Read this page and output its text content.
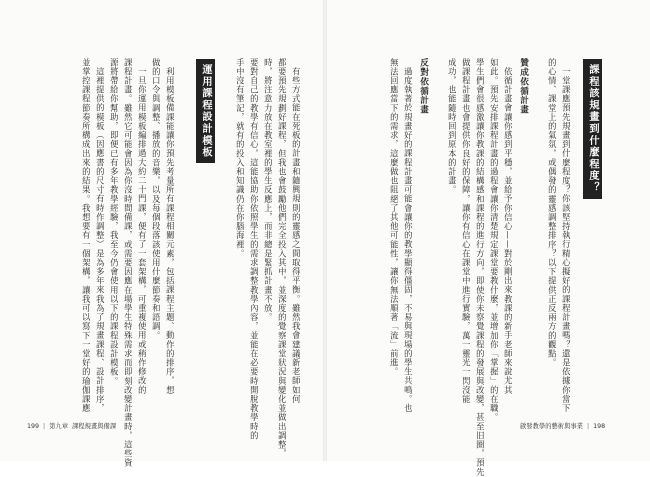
課程該規畫到什麼程度？
一堂課應預先規畫到什麼程度？你該堅持執行精心擬好的課程計畫嗎？還是依據你當下
的心情、課堂上的氣氛，或偶發的靈感調整排序？以下提供正反兩方的觀點。
贊成依循計畫
依循計畫會讓你感到平穩，並給予你信心——對於剛出來教課的新手老師來說尤其
如此。預先安排課程計畫的過程會讓你清楚規定課堂要教什麼，並增加你「掌握」的在職。
學生們會很感激讓你教課的結構感和課程的進行方向，即使你未察覺課程的發展與改變，甚至旧圈，預先
做課程計畫也會提供你良好的保障，讓你有信心在課堂中進行實驗，萬一靈光一閃沒能
成功，也能隨時回到原本的計畫。
反對依循計畫
過度執著於規畫好的課程計畫可能會讓你的教學顯得僵固，不易與現場的學生共鳴。也
無法回應當下的需求，這麼做也阻絕了其他可能性，讓你無法順著「流」前進。
啟發教學的藝術與事業 | 198
有些方式能在死板的計畫和隨興規則的靈感之間取得平衡。雖然我會建議新老師如何
都要預先規劃好課程，但我也會鼓勵他們完全投入其中，並深度的覺察課堂狀況與變化並做出調整，
時，將注意力放在教室裡的學生反應上，而非總是緊抓計畫不放。
要對自己的教學有信心，這能協助你依照學生的需求調整教學內容，並能在必要時開脫教學時的
手中沒有筆記，就有的投入和知識仍在你腦海裡。
運用課程設計模板
利用模板備課能讓你預先考量所有課程相關元素，包括課程主題、動作的排序，想
做的口令與調整、播放的音樂，以及每個段落該使用什麼節奏和語調。
一旦你運用模板編排過大約二十門課，便有了一套架構，可重複使用或稍作修改的
課程計畫。雖然它可能會因為你沒時間備課，或需要因應在場學生特殊需求而即刻改變計畫時，這些資
源將帶給你幫助，即便已有多年教學經驗，我至今仍會使用以下的課程設計模板。
這裡提供的模板（因應書的尺寸有時作調整）是為多年來我為了規畫課程、設計排序，
並掌控課程節奏所構成出來的結果。我想要有一個架構，讓我可以寫下一堂好的瑜伽課應
199 | 第九章 課程規畫與備課
